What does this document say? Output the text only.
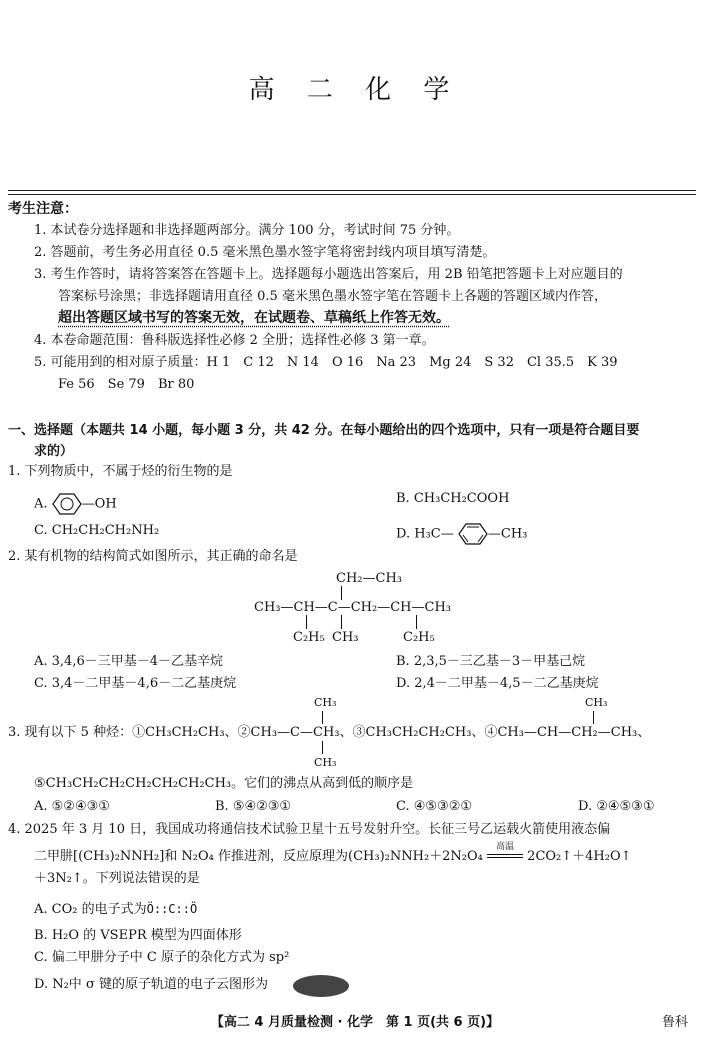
高 二 化 学
考生注意：
1. 本试卷分选择题和非选择题两部分。满分 100 分，考试时间 75 分钟。
2. 答题前，考生务必用直径 0.5 毫米黑色墨水签字笔将密封线内项目填写清楚。
3. 考生作答时，请将答案答在答题卡上。选择题每小题选出答案后，用 2B 铅笔把答题卡上对应题目的
答案标号涂黑；非选择题请用直径 0.5 毫米黑色墨水签字笔在答题卡上各题的答题区域内作答，
超出答题区域书写的答案无效，在试题卷、草稿纸上作答无效。
4. 本卷命题范围：鲁科版选择性必修 2 全册；选择性必修 3 第一章。
5. 可能用到的相对原子质量：H 1　C 12　N 14　O 16　Na 23　Mg 24　S 32　Cl 35.5　K 39
Fe 56　Se 79　Br 80
一、选择题（本题共 14 小题，每小题 3 分，共 42 分。在每小题给出的四个选项中，只有一项是符合题目要
求的）
1. 下列物质中，不属于烃的衍生物的是
A.	—OH	B. CH₃CH₂COOH
C. CH₂CH₂CH₂NH₂	D. H₃C—	—CH₃
2. 某有机物的结构简式如图所示，其正确的命名是
CH₂—CH₃
CH₃—CH—C—CH₂—CH—CH₃
C₂H₅ CH₃	C₂H₅
A. 3,4,6－三甲基－4－乙基辛烷	B. 2,3,5－三乙基－3－甲基己烷
C. 3,4－二甲基－4,6－二乙基庚烷	D. 2,4－二甲基－4,5－二乙基庚烷
CH₃	CH₃
3. 现有以下 5 种烃：①CH₃CH₂CH₃、②CH₃—C—CH₃、③CH₃CH₂CH₂CH₃、④CH₃—CH—CH₂—CH₃、
CH₃
⑤CH₃CH₂CH₂CH₂CH₂CH₂CH₃。它们的沸点从高到低的顺序是
A. ⑤②④③①	B. ⑤④②③①	C. ④⑤③②①	D. ②④⑤③①
4. 2025 年 3 月 10 日，我国成功将通信技术试验卫星十五号发射升空。长征三号乙运载火箭使用液态偏
二甲肼[(CH₃)₂NNH₂]和 N₂O₄ 作推进剂，反应原理为(CH₃)₂NNH₂＋2N₂O₄
高温
2CO₂↑＋4H₂O↑
＋3N₂↑。下列说法错误的是
A. CO₂ 的电子式为Ö::C::Ö
B. H₂O 的 VSEPR 模型为四面体形
C. 偏二甲肼分子中 C 原子的杂化方式为 sp²
D. N₂中 σ 键的原子轨道的电子云图形为
【高二 4 月质量检测 · 化学　第 1 页(共 6 页)】	鲁科
